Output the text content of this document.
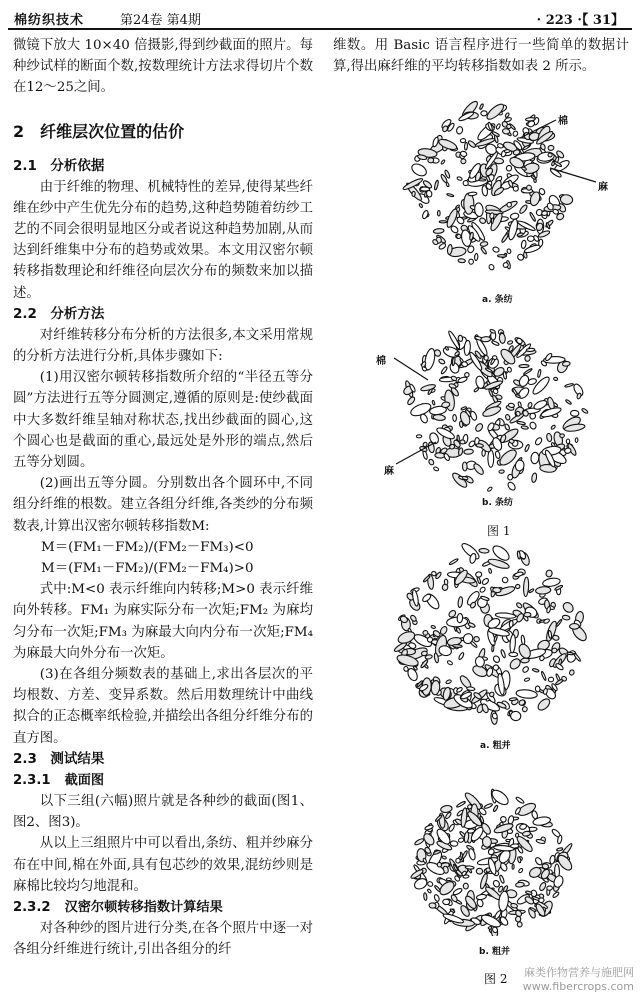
棉纺织技术	第24卷 第4期	· 223 ·【 31】

微镜下放大 10×40 倍摄影,得到纱截面的照片。每种纱试样的断面个数,按数理统计方法求得切片个数在12～25之间。

2　纤维层次位置的估价
2.1　分析依据

由于纤维的物理、机械特性的差异,使得某些纤维在纱中产生优先分布的趋势,这种趋势随着纺纱工艺的不同会很明显地区分或者说这种趋势加剧,从而达到纤维集中分布的趋势或效果。本文用汉密尔顿转移指数理论和纤维径向层次分布的频数来加以描述。

2.2　分析方法

对纤维转移分布分析的方法很多,本文采用常规的分析方法进行分析,具体步骤如下:

(1)用汉密尔顿转移指数所介绍的“半径五等分圆”方法进行五等分圆测定,遵循的原则是:使纱截面中大多数纤维呈轴对称状态,找出纱截面的圆心,这个圆心也是截面的重心,最远处是外形的端点,然后五等分划圆。

(2)画出五等分圆。分别数出各个圆环中,不同组分纤维的根数。建立各组分纤维,各类纱的分布频数表,计算出汉密尔顿转移指数M:

M＝(FM₁－FM₂)/(FM₂－FM₃)<0
M＝(FM₁－FM₂)/(FM₂－FM₄)>0

式中:M<0 表示纤维向内转移;M>0 表示纤维向外转移。FM₁ 为麻实际分布一次矩;FM₂ 为麻均匀分布一次矩;FM₃ 为麻最大向内分布一次矩;FM₄ 为麻最大向外分布一次矩。

(3)在各组分频数表的基础上,求出各层次的平均根数、方差、变异系数。然后用数理统计中曲线拟合的正态概率纸检验,并描绘出各组分纤维分布的直方图。

2.3　测试结果
2.3.1 截面图

以下三组(六幅)照片就是各种纱的截面(图1、图2、图3)。

从以上三组照片中可以看出,条纺、粗并纱麻分布在中间,棉在外面,具有包芯纱的效果,混纺纱则是麻棉比较均匀地混和。

2.3.2 汉密尔顿转移指数计算结果

对各种纱的图片进行分类,在各个照片中逐一对各组分纤维进行统计,引出各组分的纤

维数。用 Basic 语言程序进行一些简单的数据计算,得出麻纤维的平均转移指数如表 2 所示。

棉
麻
a. 条纺
棉
麻
b. 条纺
图 1
a. 粗并
b. 粗并
图 2 麻类作物营养与施肥网
www.fibercrops.com
